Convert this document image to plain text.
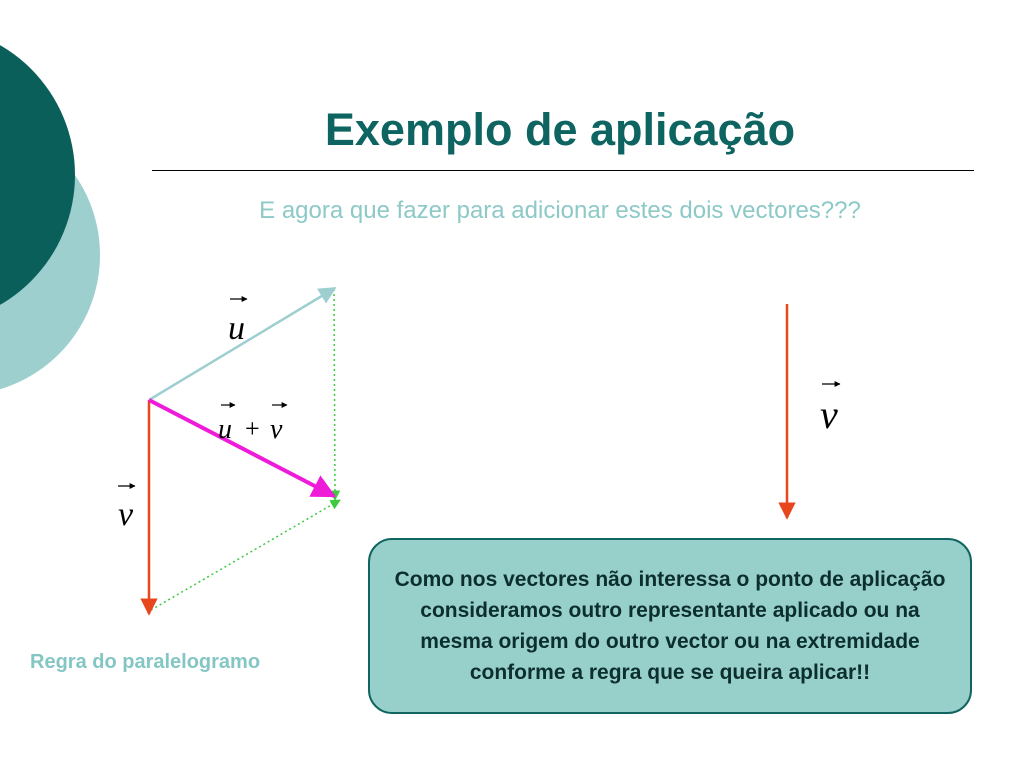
Exemplo de aplicação
E agora que fazer para adicionar estes dois vectores???
u
u + v
v
v
Regra do paralelogramo
Como nos vectores não interessa o ponto de aplicação consideramos outro representante aplicado ou na mesma origem do outro vector ou na extremidade conforme a regra que se queira aplicar!!
